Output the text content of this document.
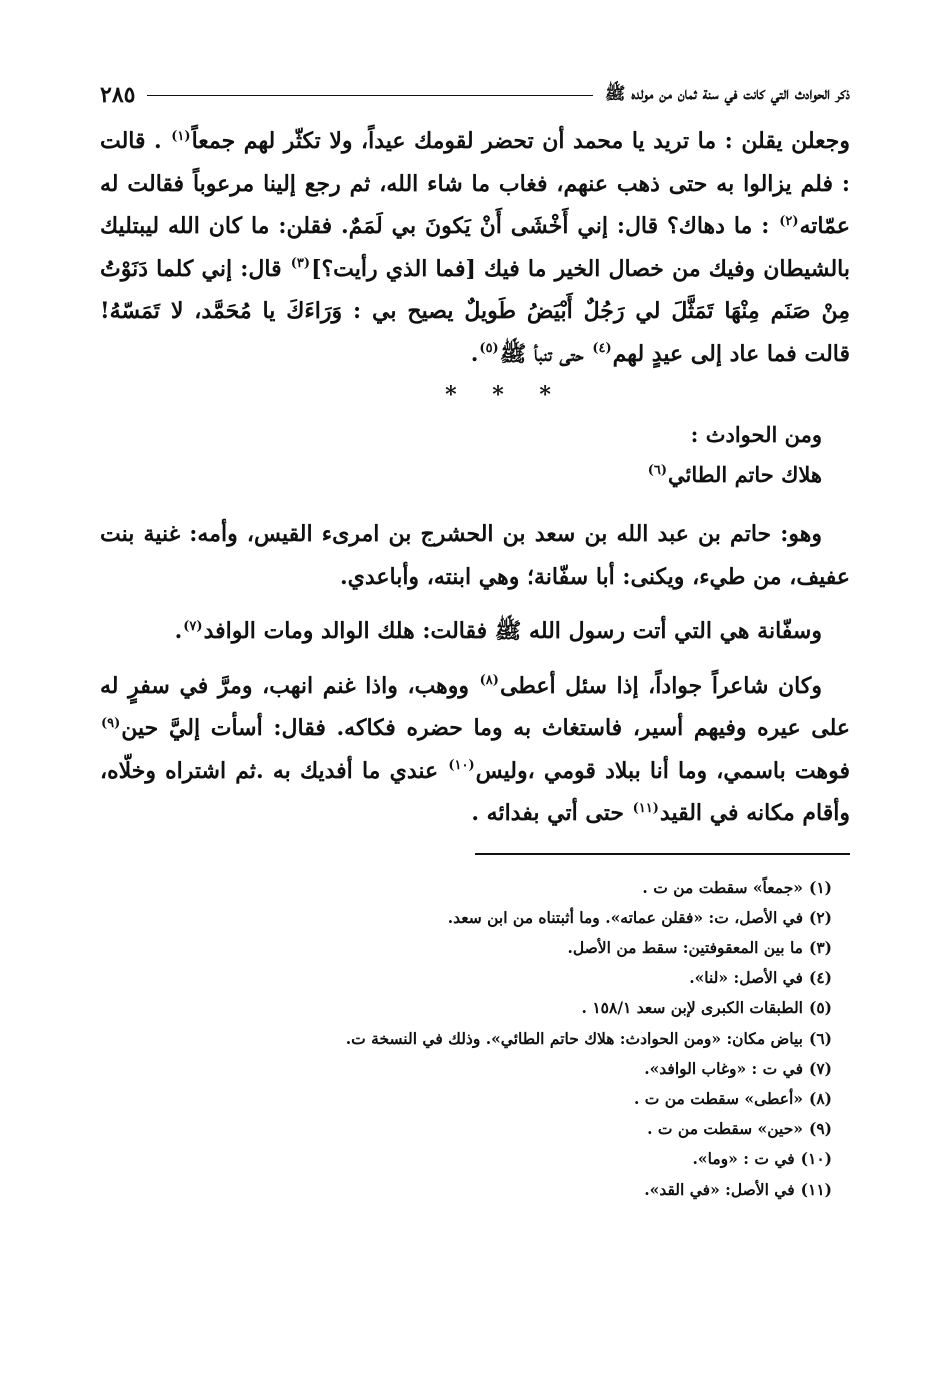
ذكر الحوادث التي كانت في سنة ثمان من مولده ﷺ
٢٨٥

وجعلن يقلن : ما تريد يا محمد أن تحضر لقومك عيداً، ولا تكثّر لهم جمعاً$^{(١)}$ . قالت : فلم يزالوا به حتى ذهب عنهم، فغاب ما شاء الله، ثم رجع إلينا مرعوباً فقالت له عمّاته$^{(٢)}$ : ما دهاك؟ قال: إني أَخْشَى أَنْ يَكونَ بي لَمَمٌ. فقلن: ما كان الله ليبتليك بالشيطان وفيك من خصال الخير ما فيك [فما الذي رأيت؟]$^{(٣)}$ قال: إني كلما دَنَوْتُ مِنْ صَنَم مِنْهَا تَمَثَّلَ لي رَجُلٌ أَبْيَضُ طَويلٌ يصيح بي : وَرَاءَكَ يا مُحَمَّد، لا تَمَسّهُ! قالت فما عاد إلى عيدٍ لهم$^{(٤)}$ حتى تنبأ ﷺ$^{(٥)}$.

* * *
ومن الحوادث :
هلاك حاتم الطائي$^{(٦)}$

وهو: حاتم بن عبد الله بن سعد بن الحشرج بن امرىء القيس، وأمه: غنية بنت عفيف، من طيء، ويكنى: أبا سفّانة؛ وهي ابنته، وأباعدي.

وسفّانة هي التي أتت رسول الله ﷺ فقالت: هلك الوالد ومات الوافد$^{(٧)}$.

وكان شاعراً جواداً، إذا سئل أعطى$^{(٨)}$ ووهب، واذا غنم انهب، ومرَّ في سفرٍ له على عيره وفيهم أسير، فاستغاث به وما حضره فكاكه. فقال: أسأت إليَّ حين$^{(٩)}$ فوهت باسمي، وما أنا ببلاد قومي ،وليس$^{(١٠)}$ عندي ما أفديك به .ثم اشتراه وخلّاه، وأقام مكانه في القيد$^{(١١)}$ حتى أتي بفدائه .

(١)«جمعاً» سقطت من ت .
(٢)في الأصل، ت: «فقلن عماته». وما أثبتناه من ابن سعد.
(٣)ما بين المعقوفتين: سقط من الأصل.
(٤)في الأصل: «لنا».
(٥)الطبقات الكبرى لإبن سعد ١٥٨/١ .
(٦)بياض مكان: «ومن الحوادث: هلاك حاتم الطائي». وذلك في النسخة ت.
(٧)في ت : «وغاب الوافد».
(٨)«أعطى» سقطت من ت .
(٩)«حين» سقطت من ت .
(١٠)في ت : «وما».
(١١)في الأصل: «في القد».
